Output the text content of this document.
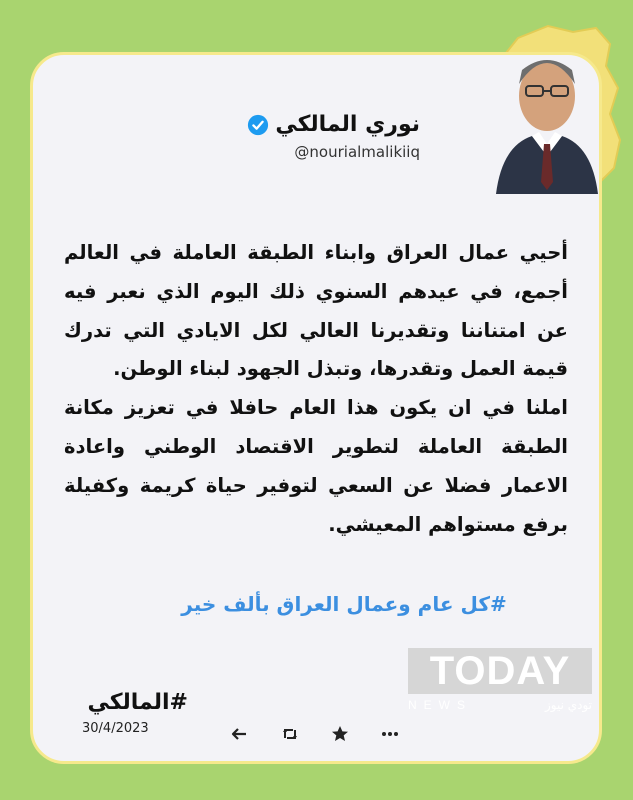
نوري المالكي
@nourialmalikiiq

أحيي عمال العراق وابناء الطبقة العاملة في العالم أجمع، في عيدهم السنوي ذلك اليوم الذي نعبر فيه عن امتناننا وتقديرنا العالي لكل الايادي التي تدرك قيمة العمل وتقدرها، وتبذل الجهود لبناء الوطن.

املنا في ان يكون هذا العام حافلا في تعزيز مكانة الطبقة العاملة لتطوير الاقتصاد الوطني واعادة الاعمار فضلا عن السعي لتوفير حياة كريمة وكفيلة برفع مستواهم المعيشي.

#كل عام وعمال العراق بألف خير
#المالكي
30/4/2023
TODAY
NEWS	تودي نيوز
